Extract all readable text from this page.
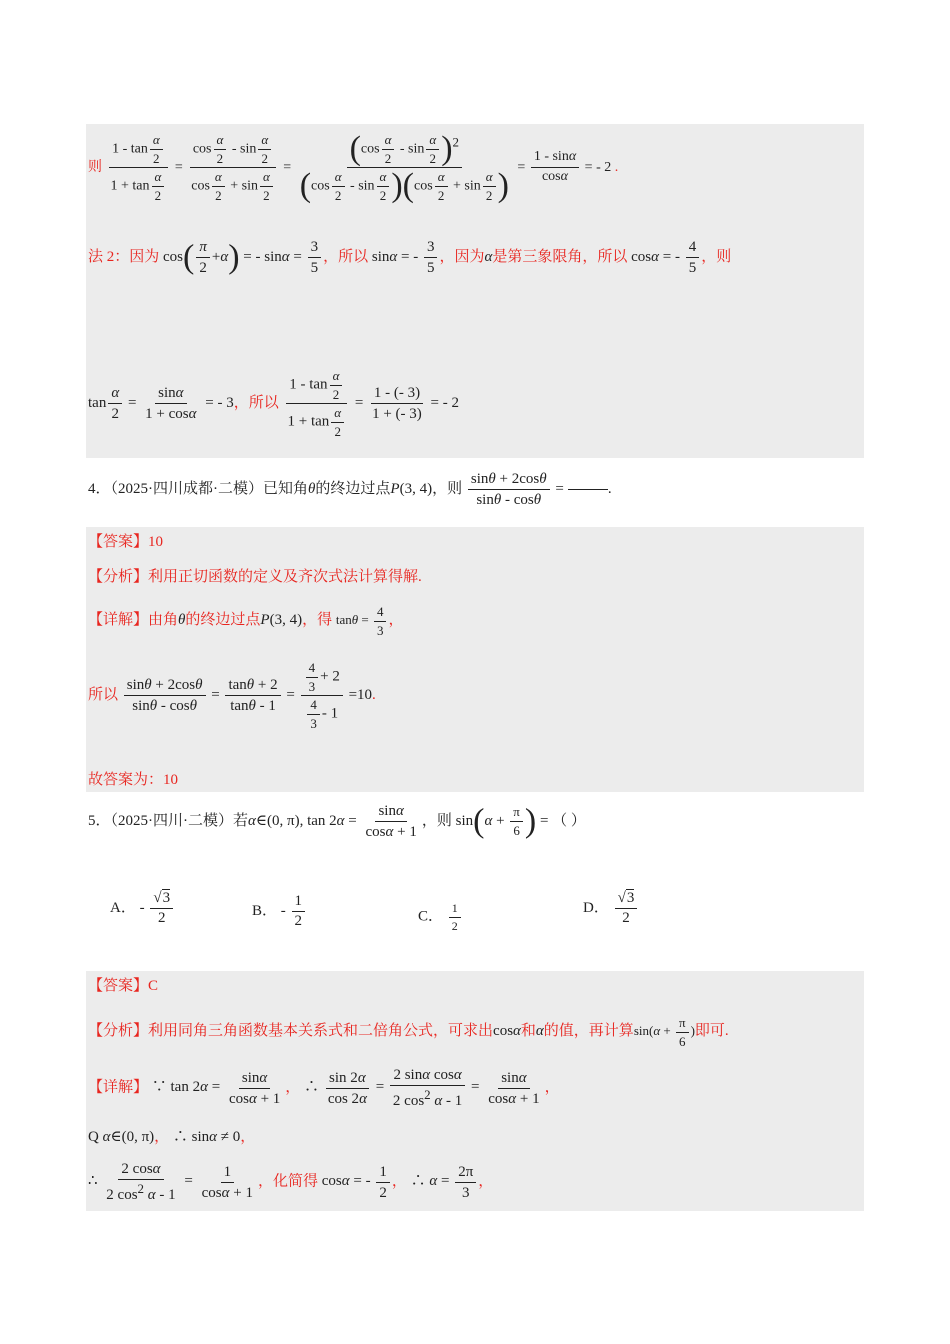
则 $\frac{1 - \tan \frac{\alpha}{2}}{1 + \tan \frac{\alpha}{2}} = \frac{\cos \frac{\alpha}{2} - \sin \frac{\alpha}{2}}{\cos \frac{\alpha}{2} + \sin \frac{\alpha}{2}} = \frac{(\cos \frac{\alpha}{2} - \sin \frac{\alpha}{2} )^2}{(\cos \frac{\alpha}{2} - \sin \frac{\alpha}{2} )(\cos \frac{\alpha}{2} + \sin \frac{\alpha}{2} )} = \frac{1 - \sin\alpha}{\cos\alpha}$ = - 2 .
法 2：因为 $\cos( \frac{\pi}{2} +\alpha)$ = - $\sin\alpha = \frac{3}{5}$ ，所以 sinα = - $\frac{3}{5}$ ，因为α是第三象限角，所以 cosα = - $\frac{4}{5}$ ，则
$\tan \frac{\alpha}{2} = \frac{\sin\alpha}{1 + \cos\alpha}$ = - 3，所以 $\frac{1 - \tan \frac{\alpha}{2}}{1 + \tan \frac{\alpha}{2}} = \frac{1 - (- 3)}{1 + (- 3)}$ = - 2
4．（2025·四川成都·二模）已知角θ的终边过点P(3, 4)，则 $\frac{\sin\theta + 2\cos\theta}{\sin\theta - \cos\theta}$ =	.
【答案】10
【分析】利用正切函数的定义及齐次式法计算得解.
【详解】由角θ的终边过点P(3, 4)，得 $\tan\theta = \frac{4}{3}$ ，
所以 $\frac{\sin\theta + 2\cos\theta}{\sin\theta - \cos\theta} = \frac{\tan\theta + 2}{\tan\theta - 1} = \frac{\frac{4}{3} + 2}{\frac{4}{3} - 1} =10$.
故答案为：10
5．（2025·四川·二模）若α∈(0, π), $\tan 2\alpha = \frac{\sin\alpha}{\cos\alpha + 1}$ ，则 $\sin(\alpha + \frac{\pi}{6}$ ) = （ ）
A． - $\frac{√3}{2}$	B． - $\frac{1}{2}$	C． $\frac{1}{2}$	D． $\frac{√3}{2}$
【答案】C
【分析】利用同角三角函数基本关系式和二倍角公式，可求出cosα和α的值，再计算$\sin(\alpha + \frac{\pi}{6}$ )即可.
【详解】 ∵ $\tan 2\alpha = \frac{\sin\alpha}{\cos\alpha + 1}$ ， ∴ $\frac{\sin 2\alpha}{\cos 2\alpha} = \frac{\text{2 sinα cosα}}{2 \cos^2 \alpha - 1} = \frac{\sin\alpha}{\cos\alpha + 1}$ ，
Q α∈(0, π)， ∴ sinα ≠ 0，
∴ $\frac{2 \cos\alpha}{2 \cos^2 \alpha - 1} = \frac{1}{\cos\alpha + 1}$ ，化简得 cosα = - $\frac{1}{2}$ ， ∴ $\alpha = \frac{2\pi}{3}$ ，
